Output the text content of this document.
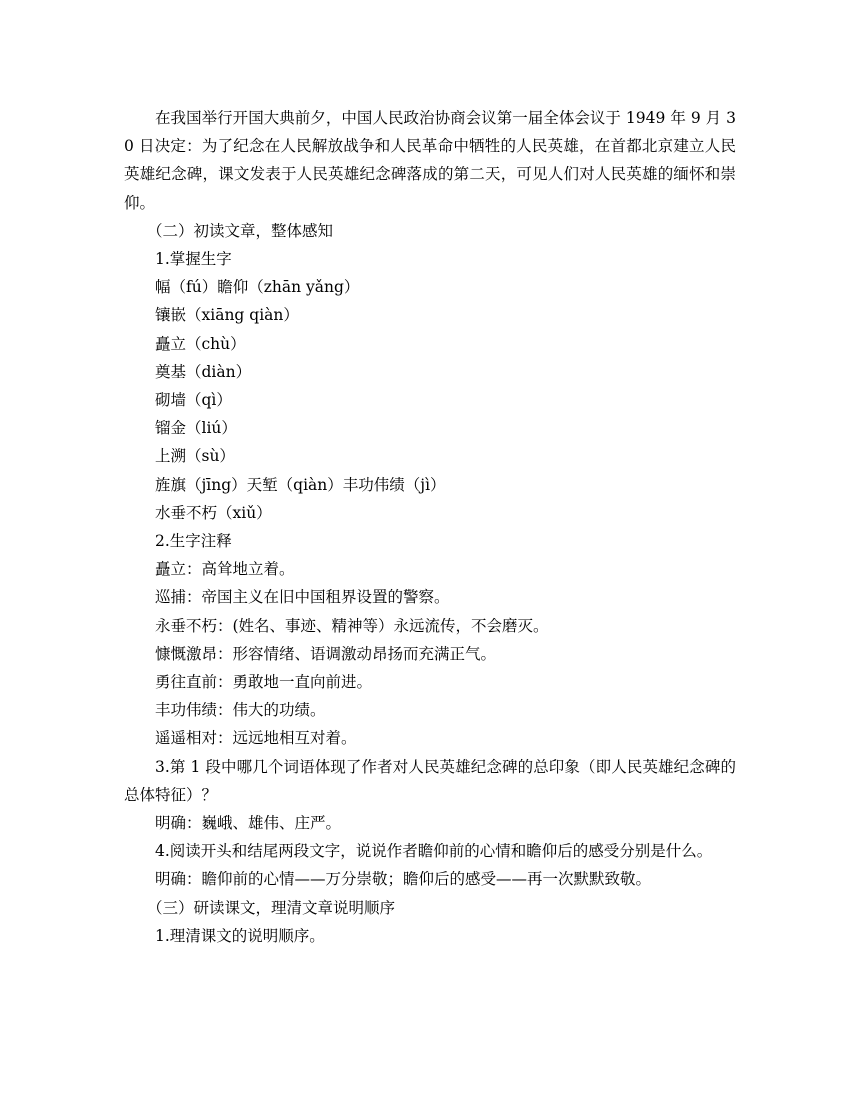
在我国举行开国大典前夕，中国人民政治协商会议第一届全体会议于 1949 年 9 月 30 日决定：为了纪念在人民解放战争和人民革命中牺牲的人民英雄，在首都北京建立人民英雄纪念碑，课文发表于人民英雄纪念碑落成的第二天，可见人们对人民英雄的缅怀和崇仰。

（二）初读文章，整体感知

1.掌握生字

幅（fú）瞻仰（zhān yǎng）

镶嵌（xiāng qiàn）

矗立（chù）

奠基（diàn）

砌墙（qì）

镏金（liú）

上溯（sù）

旌旗（jīng）天堑（qiàn）丰功伟绩（jì）

水垂不朽（xiǔ）

2.生字注释

矗立：高耸地立着。

巡捕：帝国主义在旧中国租界设置的警察。

永垂不朽：(姓名、事迹、精神等）永远流传，不会磨灭。

慷慨激昂：形容情绪、语调激动昂扬而充满正气。

勇往直前：勇敢地一直向前进。

丰功伟绩：伟大的功绩。

遥遥相对：远远地相互对着。

3.第 1 段中哪几个词语体现了作者对人民英雄纪念碑的总印象（即人民英雄纪念碑的总体特征）？

明确：巍峨、雄伟、庄严。

4.阅读开头和结尾两段文字，说说作者瞻仰前的心情和瞻仰后的感受分别是什么。

明确：瞻仰前的心情——万分崇敬；瞻仰后的感受——再一次默默致敬。

（三）研读课文，理清文章说明顺序

1.理清课文的说明顺序。
